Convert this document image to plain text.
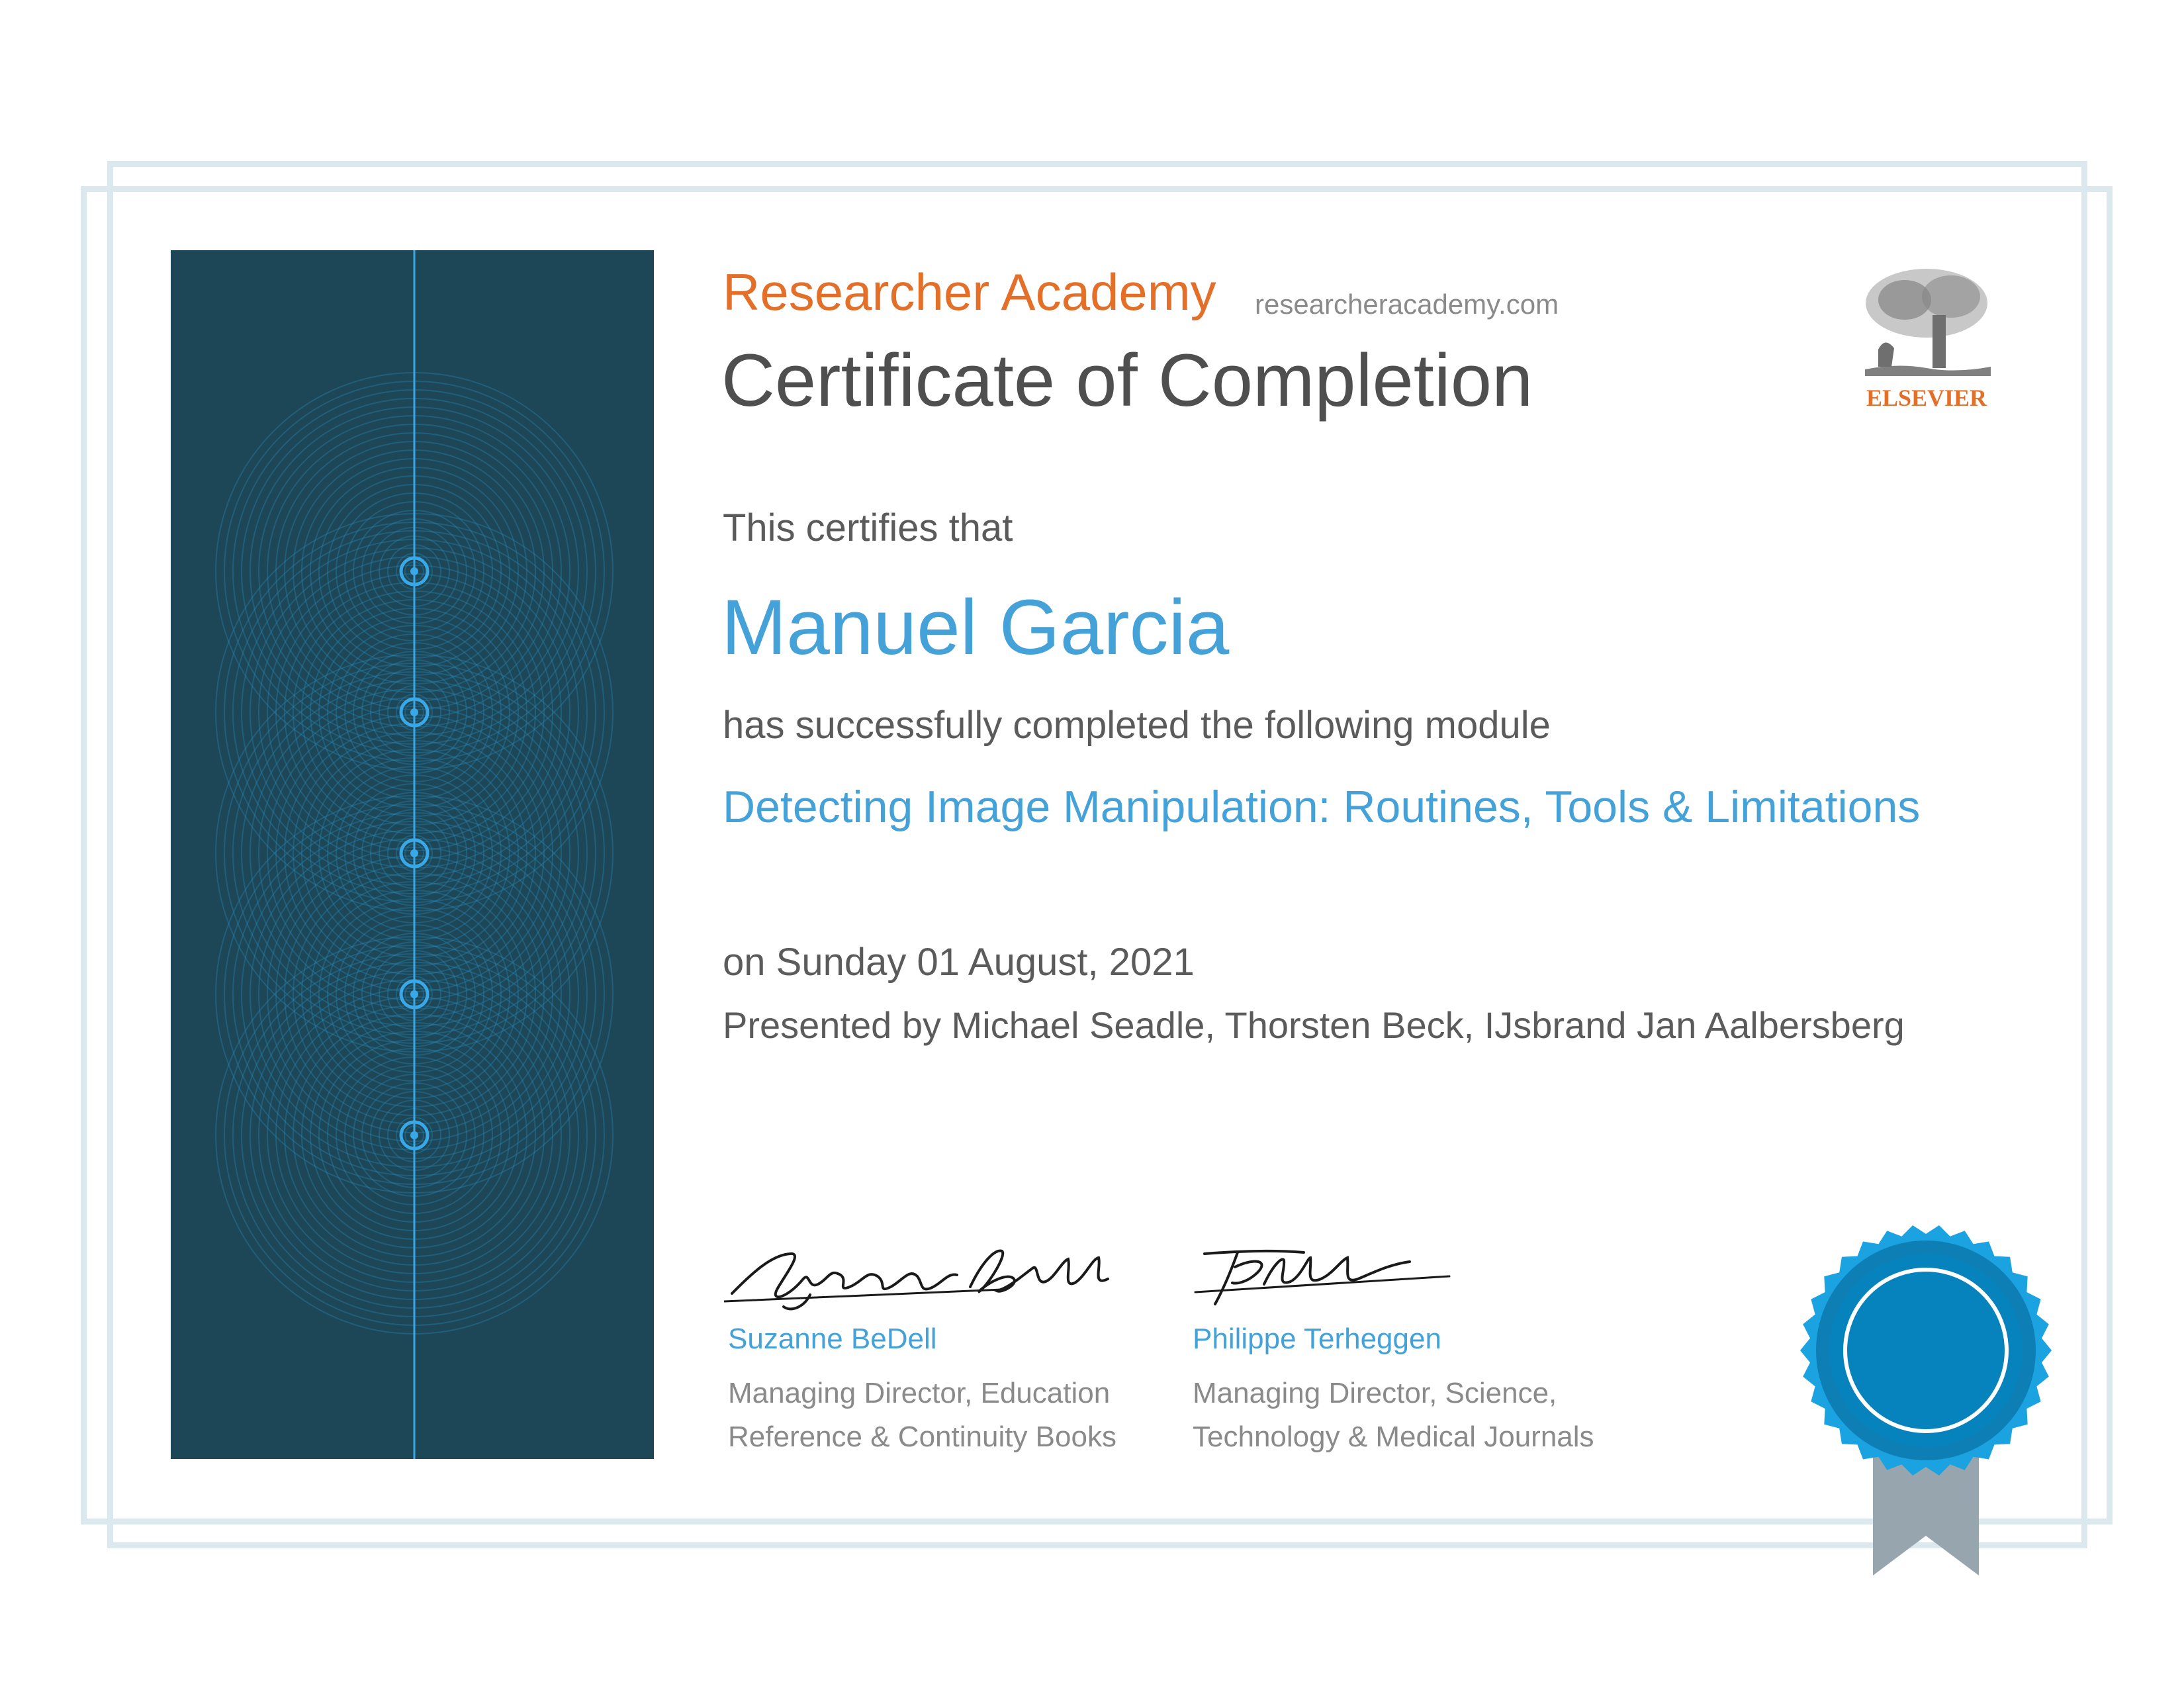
Researcher Academy researcheracademy.com
Certificate of Completion	ELSEVIER
This certifies that
Manuel Garcia
has successfully completed the following module
Detecting Image Manipulation: Routines, Tools & Limitations
on Sunday 01 August, 2021
Presented by Michael Seadle, Thorsten Beck, IJsbrand Jan Aalbersberg
Suzanne BeDell
Managing Director, Education
Reference & Continuity Books
Philippe Terheggen
Managing Director, Science,
Technology & Medical Journals
